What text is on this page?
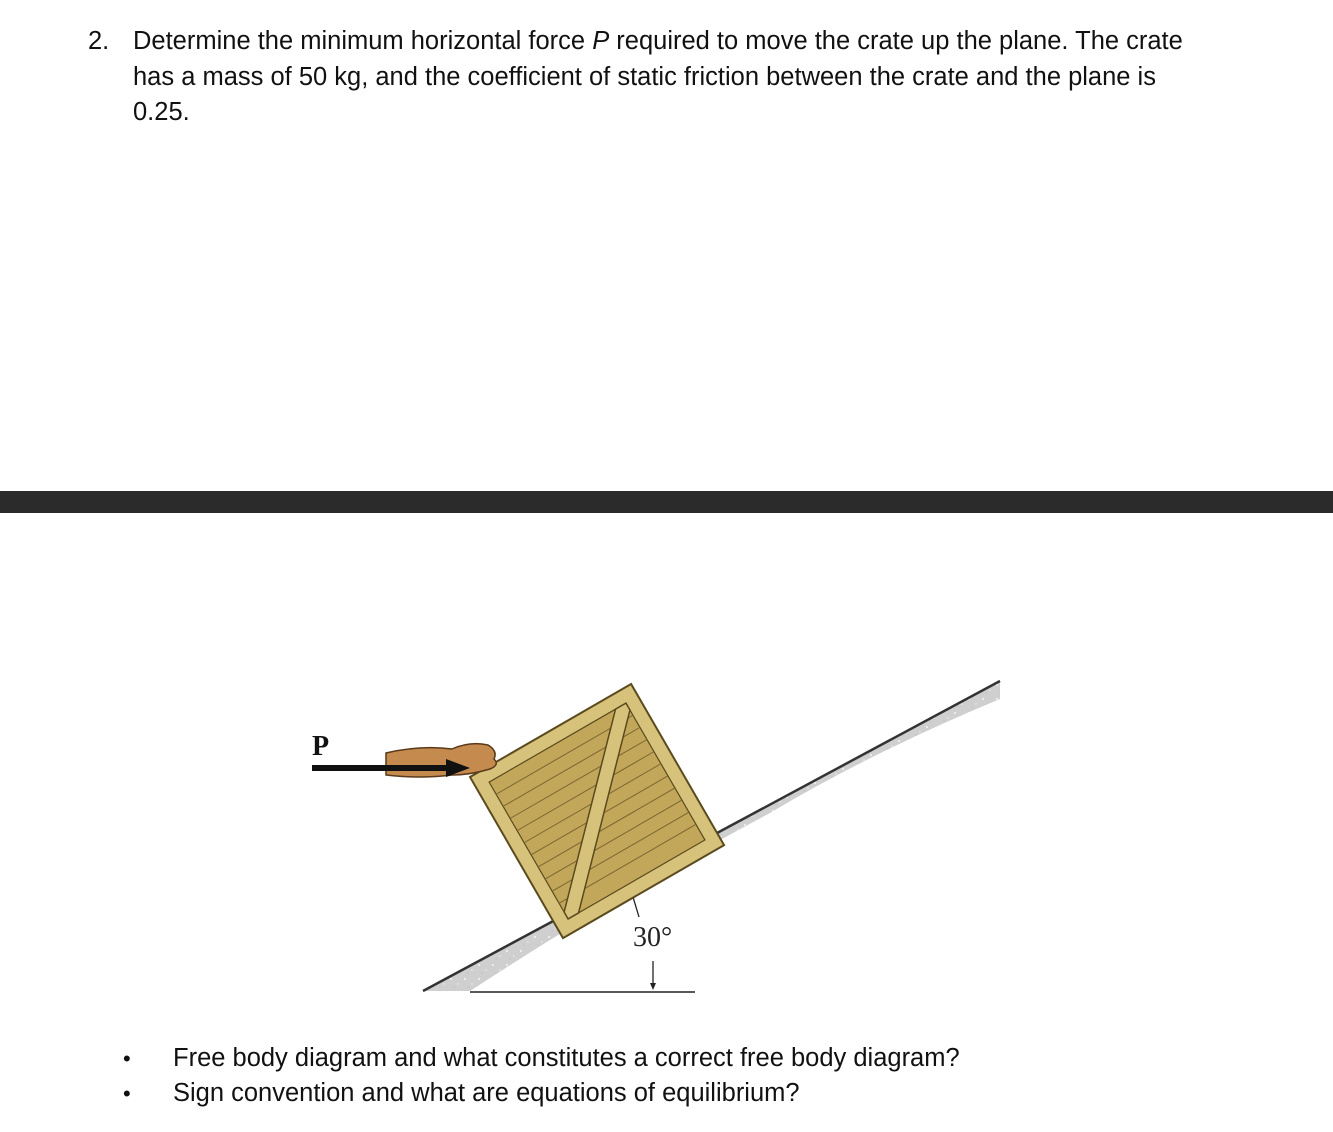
2. Determine the minimum horizontal force P required to move the crate up the plane. The crate has a mass of 50 kg, and the coefficient of static friction between the crate and the plane is 0.25.
30°
P
• Free body diagram and what constitutes a correct free body diagram?
• Sign convention and what are equations of equilibrium?
